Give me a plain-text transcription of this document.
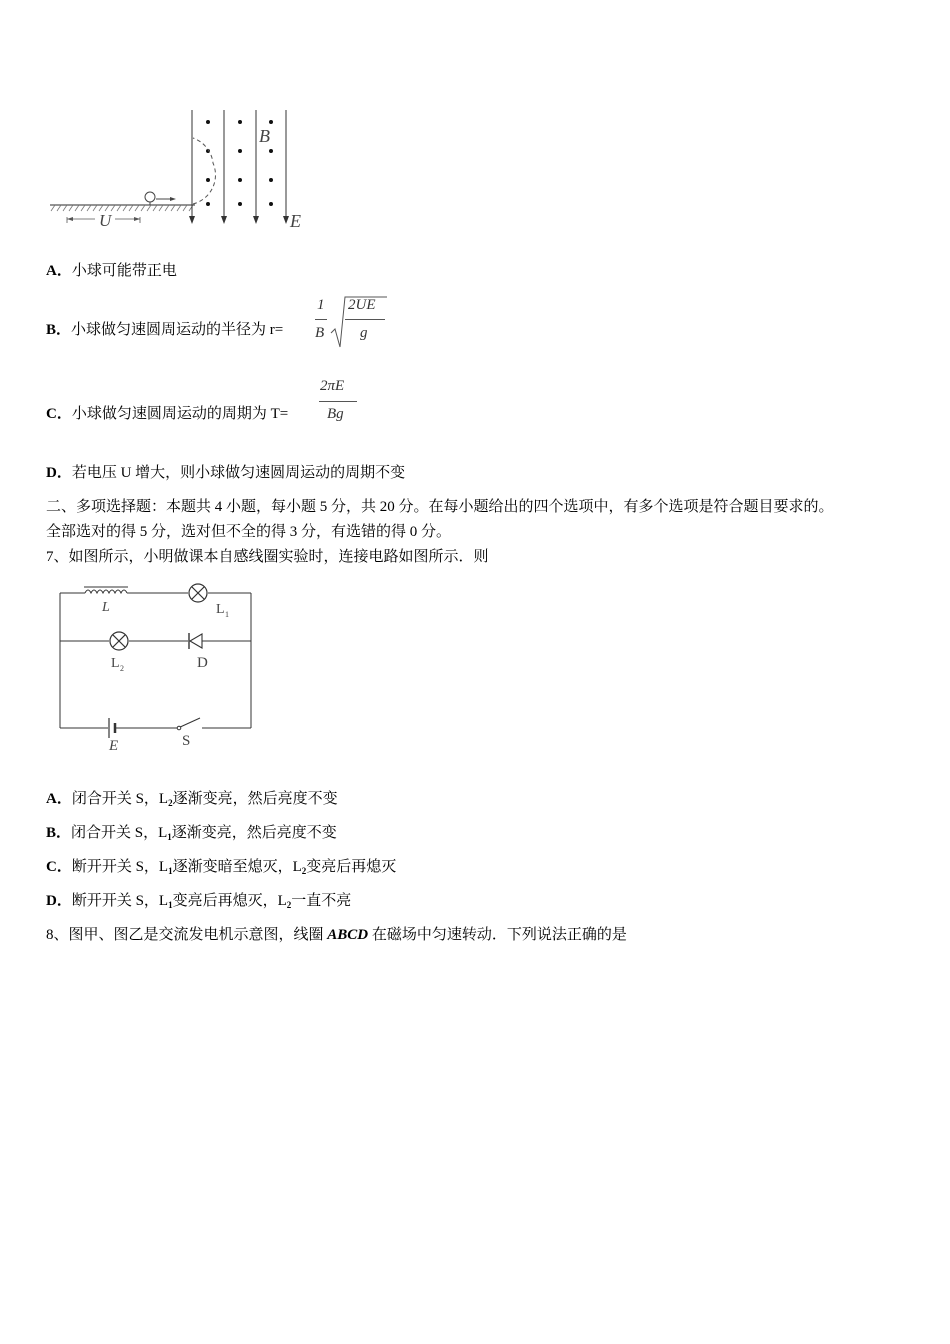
U
B
E
A．小球可能带正电
B．小球做匀速圆周运动的半径为 r=
1
B
2UE
g
C．小球做匀速圆周运动的周期为 T=
2πE
Bg
D．若电压 U 增大，则小球做匀速圆周运动的周期不变
二、多项选择题：本题共 4 小题，每小题 5 分，共 20 分。在每小题给出的四个选项中，有多个选项是符合题目要求的。
全部选对的得 5 分，选对但不全的得 3 分，有选错的得 0 分。
7、如图所示，小明做课本自感线圈实验时，连接电路如图所示．则
L	L 1
L 2	D
E	S
A．闭合开关 S，$L_2$逐渐变亮，然后亮度不变
B．闭合开关 S，$L_1$逐渐变亮，然后亮度不变
C．断开开关 S，$L_1$逐渐变暗至熄灭，$L_2$变亮后再熄灭
D．断开开关 S，$L_1$变亮后再熄灭，$L_2$一直不亮
8、图甲、图乙是交流发电机示意图，线圈 ABCD 在磁场中匀速转动．下列说法正确的是
